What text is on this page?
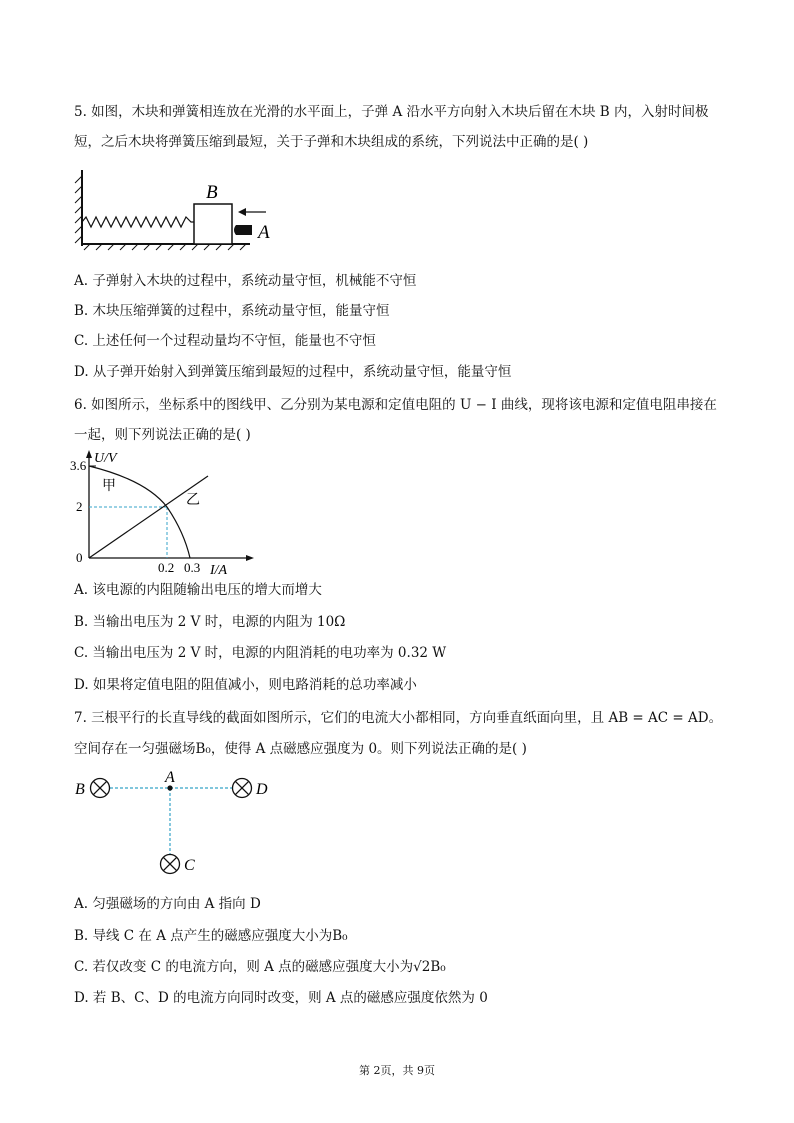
5. 如图，木块和弹簧相连放在光滑的水平面上，子弹 A 沿水平方向射入木块后留在木块 B 内，入射时间极
短，之后木块将弹簧压缩到最短，关于子弹和木块组成的系统，下列说法中正确的是( )
B
A
A. 子弹射入木块的过程中，系统动量守恒，机械能不守恒
B. 木块压缩弹簧的过程中，系统动量守恒，能量守恒
C. 上述任何一个过程动量均不守恒，能量也不守恒
D. 从子弹开始射入到弹簧压缩到最短的过程中，系统动量守恒，能量守恒
6. 如图所示，坐标系中的图线甲、乙分别为某电源和定值电阻的 U − I 曲线，现将该电源和定值电阻串接在
一起，则下列说法正确的是( )
U/V
3.6
2
0
甲
乙
0.2 0.3 I/A
A. 该电源的内阻随输出电压的增大而增大
B. 当输出电压为 2 V 时，电源的内阻为 10Ω
C. 当输出电压为 2 V 时，电源的内阻消耗的电功率为 0.32 W
D. 如果将定值电阻的阻值减小，则电路消耗的总功率减小
7. 三根平行的长直导线的截面如图所示，它们的电流大小都相同，方向垂直纸面向里，且 AB = AC = AD。
空间存在一匀强磁场B₀，使得 A 点磁感应强度为 0。则下列说法正确的是( )
A
B	D
C
A. 匀强磁场的方向由 A 指向 D
B. 导线 C 在 A 点产生的磁感应强度大小为B₀
C. 若仅改变 C 的电流方向，则 A 点的磁感应强度大小为√2B₀
D. 若 B、C、D 的电流方向同时改变，则 A 点的磁感应强度依然为 0
第 2页，共 9页
